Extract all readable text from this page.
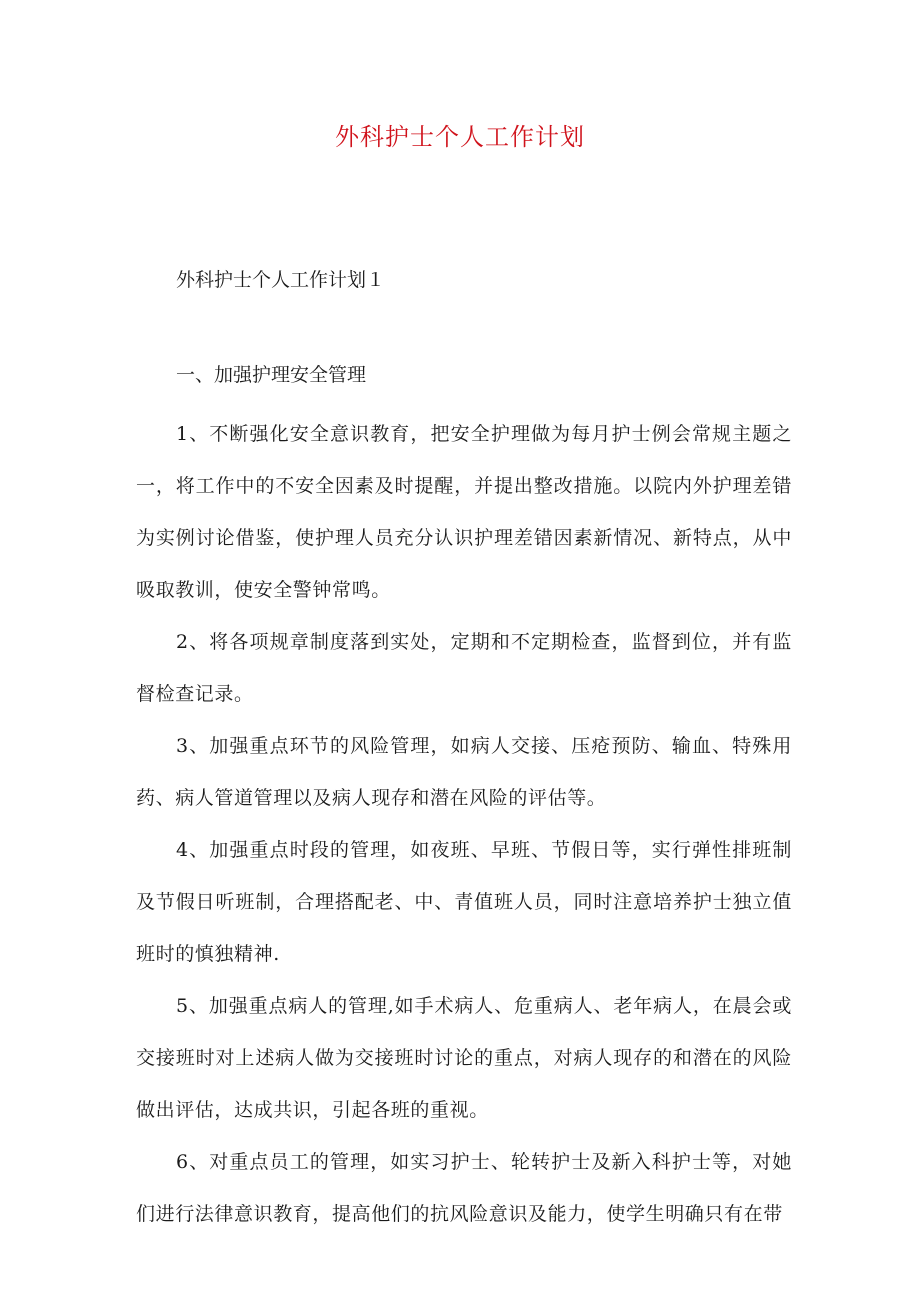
外科护士个人工作计划

外科护士个人工作计划１

一、加强护理安全管理

1、不断强化安全意识教育，把安全护理做为每月护士例会常规主题之一，将工作中的不安全因素及时提醒，并提出整改措施。以院内外护理差错为实例讨论借鉴，使护理人员充分认识护理差错因素新情况、新特点，从中吸取教训，使安全警钟常鸣。

2、将各项规章制度落到实处，定期和不定期检查，监督到位，并有监督检查记录。

3、加强重点环节的风险管理，如病人交接、压疮预防、输血、特殊用药、病人管道管理以及病人现存和潜在风险的评估等。

4、加强重点时段的管理，如夜班、早班、节假日等，实行弹性排班制及节假日听班制，合理搭配老、中、青值班人员，同时注意培养护士独立值班时的慎独精神.

5、加强重点病人的管理,如手术病人、危重病人、老年病人，在晨会或交接班时对上述病人做为交接班时讨论的重点，对病人现存的和潜在的风险做出评估，达成共识，引起各班的重视。

6、对重点员工的管理，如实习护士、轮转护士及新入科护士等，对她们进行法律意识教育，提高他们的抗风险意识及能力，使学生明确只有在带
